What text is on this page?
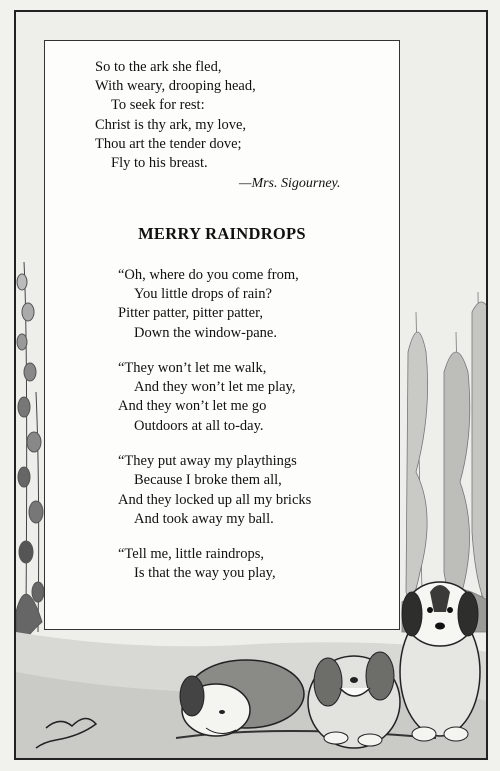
So to the ark she fled,
With weary, drooping head,
To seek for rest:
Christ is thy ark, my love,
Thou art the tender dove;
Fly to his breast.
—Mrs. Sigourney.
MERRY RAINDROPS
“Oh, where do you come from,
You little drops of rain?
Pitter patter, pitter patter,
Down the window-pane.
“They won’t let me walk,
And they won’t let me play,
And they won’t let me go
Outdoors at all to-day.
“They put away my playthings
Because I broke them all,
And they locked up all my bricks
And took away my ball.
“Tell me, little raindrops,
Is that the way you play,
